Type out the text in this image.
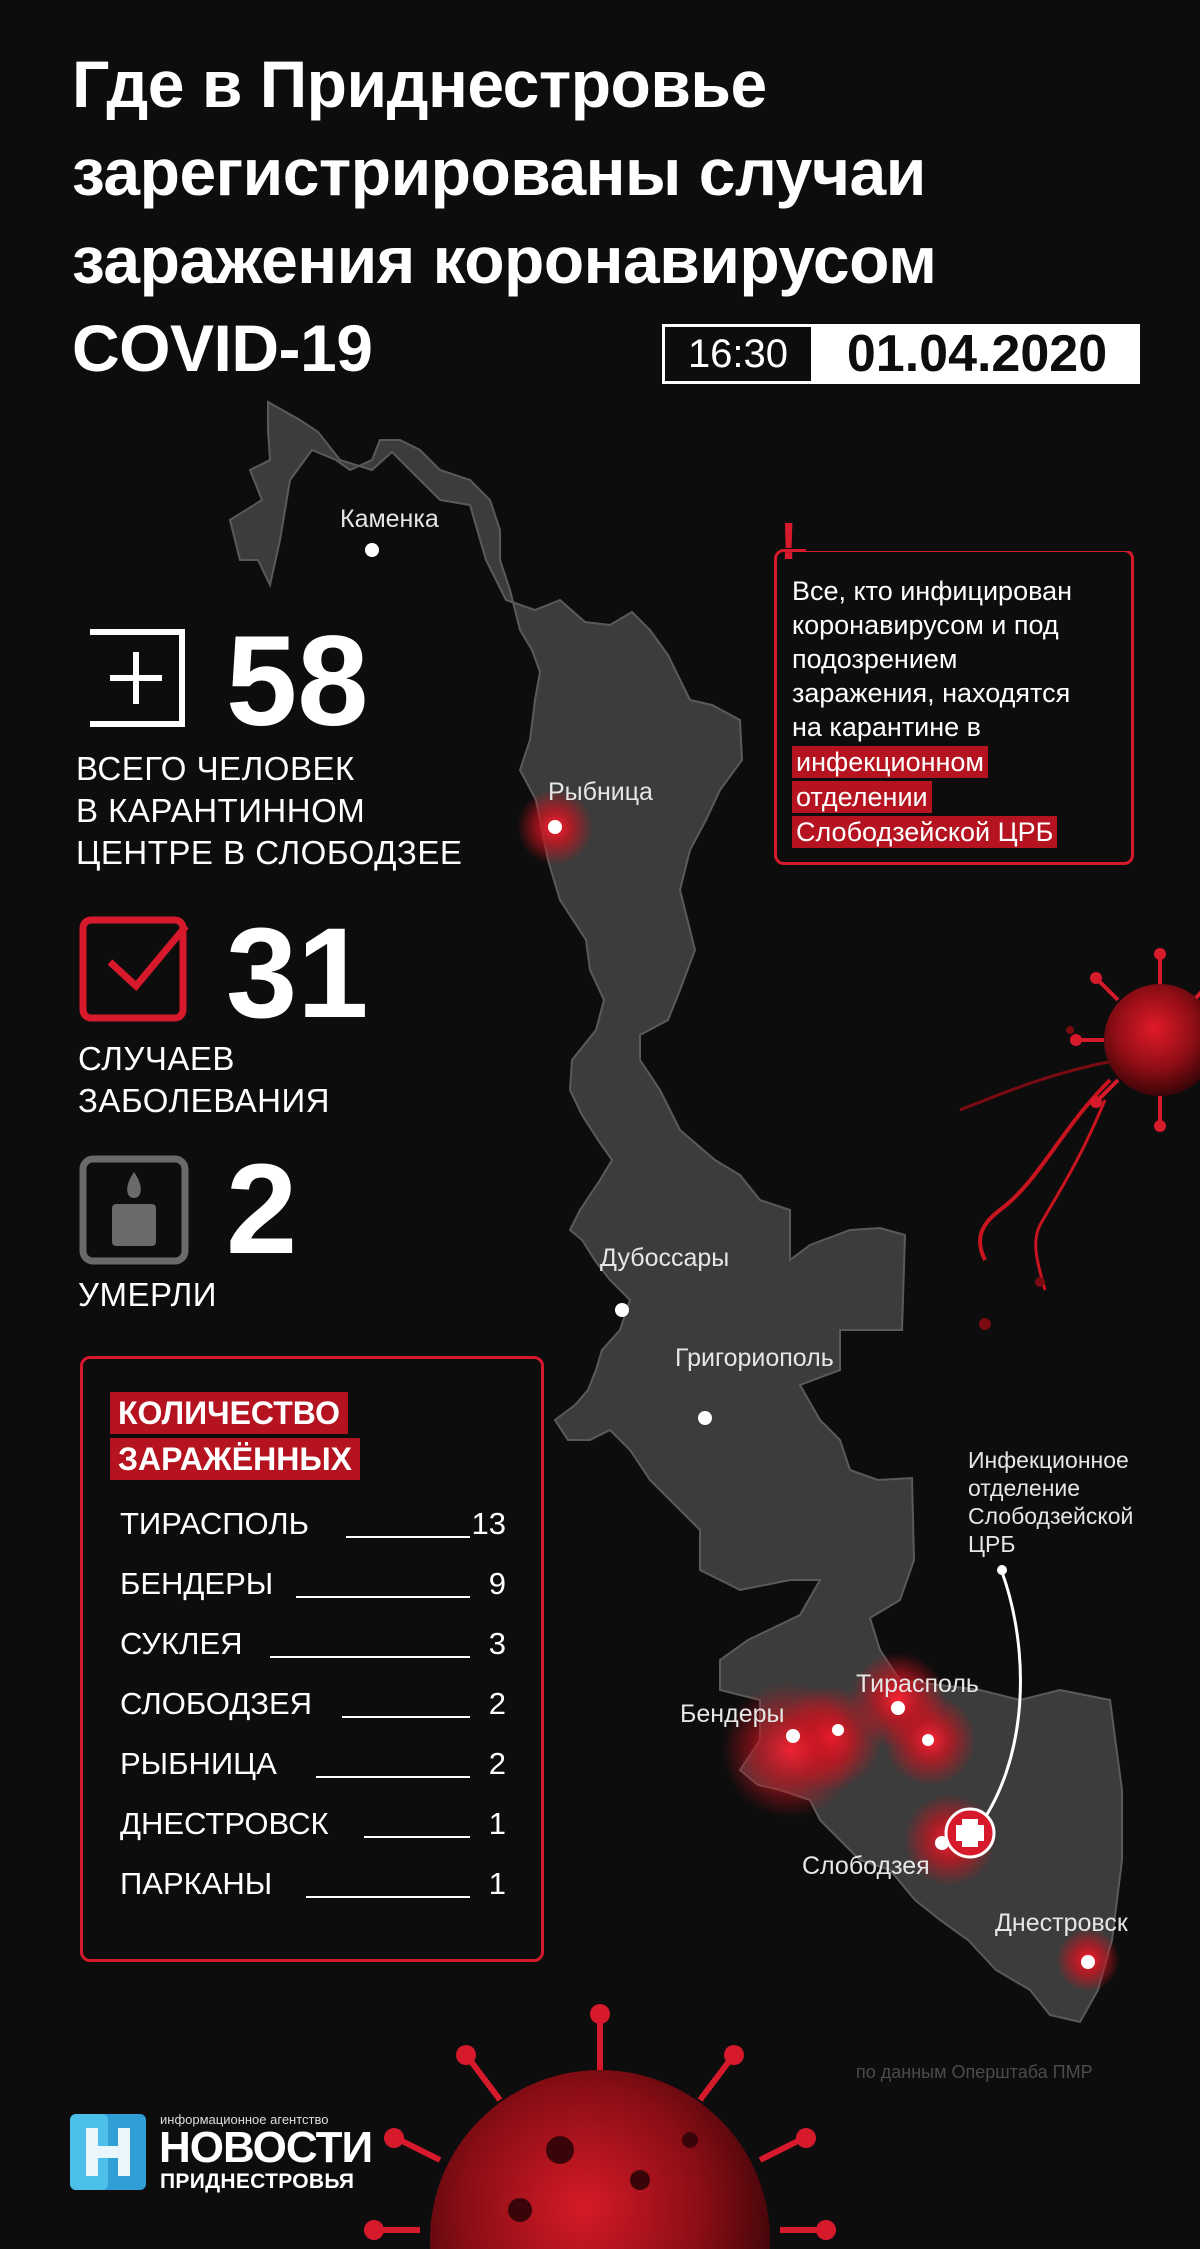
Где в Приднестровье
зарегистрированы случаи
заражения коронавирусом
COVID-19	16:30	01.04.2020
Каменка
Рыбница
Дубоссары
Григориополь
Бендеры
Тирасполь
Слободзея
Днестровск
Инфекционное
отделение
Слободзейской
ЦРБ
58
ВСЕГО ЧЕЛОВЕК
В КАРАНТИННОМ
ЦЕНТРЕ В СЛОБОДЗЕЕ
31
СЛУЧАЕВ
ЗАБОЛЕВАНИЯ
2
УМЕРЛИ
!
Все, кто инфицирован
коронавирусом и под
подозрением
заражения, находятся
на карантине в
инфекционном
отделении
Слободзейской ЦРБ
КОЛИЧЕСТВО
ЗАРАЖЁННЫХ
ТИРАСПОЛЬ	13
БЕНДЕРЫ	9
СУКЛЕЯ	3
СЛОБОДЗЕЯ	2
РЫБНИЦА	2
ДНЕСТРОВСК	1
ПАРКАНЫ	1
по данным Оперштаба ПМР
информационное агентство
НОВОСТИ
ПРИДНЕСТРОВЬЯ
